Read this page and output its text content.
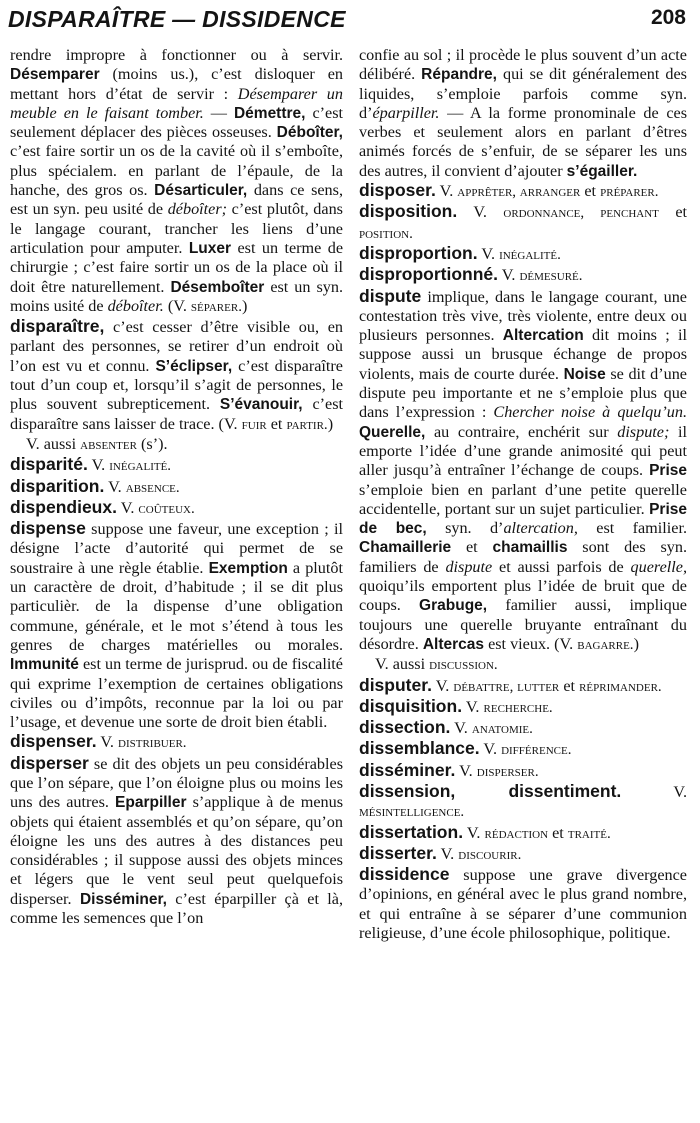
DISPARAÎTRE — DISSIDENCE	208

rendre impropre à fonctionner ou à servir. Désemparer (moins us.), c’est disloquer en mettant hors d’état de servir : Désemparer un meuble en le faisant tomber. — Démettre, c’est seulement déplacer des pièces osseuses. Déboîter, c’est faire sortir un os de la cavité où il s’emboîte, plus spécialem. en parlant de l’épaule, de la hanche, des gros os. Désarticuler, dans ce sens, est un syn. peu usité de déboîter; c’est plutôt, dans le langage courant, trancher les liens d’une articulation pour amputer. Luxer est un terme de chirurgie ; c’est faire sortir un os de la place où il doit être naturellement. Désemboîter est un syn. moins usité de déboîter. (V. séparer.)

disparaître, c’est cesser d’être visible ou, en parlant des personnes, se retirer d’un endroit où l’on est vu et connu. S’éclipser, c’est disparaître tout d’un coup et, lorsqu’il s’agit de personnes, le plus souvent subrepticement. S’évanouir, c’est disparaître sans laisser de trace. (V. fuir et partir.)

V. aussi absenter (s’).

disparité. V. inégalité.

disparition. V. absence.

dispendieux. V. coûteux.

dispense suppose une faveur, une exception ; il désigne l’acte d’autorité qui permet de se soustraire à une règle établie. Exemption a plutôt un caractère de droit, d’habitude ; il se dit plus particulièr. de la dispense d’une obligation commune, générale, et le mot s’étend à tous les genres de charges matérielles ou morales. Immunité est un terme de jurisprud. ou de fiscalité qui exprime l’exemption de certaines obligations civiles ou d’impôts, reconnue par la loi ou par l’usage, et devenue une sorte de droit bien établi.

dispenser. V. distribuer.

disperser se dit des objets un peu considérables que l’on sépare, que l’on éloigne plus ou moins les uns des autres. Eparpiller s’applique à de menus objets qui étaient assemblés et qu’on sépare, qu’on éloigne les uns des autres à des distances peu considérables ; il suppose aussi des objets minces et légers que le vent seul peut quelquefois disperser. Disséminer, c’est éparpiller çà et là, comme les semences que l’on

confie au sol ; il procède le plus souvent d’un acte délibéré. Répandre, qui se dit généralement des liquides, s’emploie parfois comme syn. d’éparpiller. — A la forme pronominale de ces verbes et seulement alors en parlant d’êtres animés forcés de s’enfuir, de se séparer les uns des autres, il convient d’ajouter s’égailler.

disposer. V. apprêter, arranger et préparer.

disposition. V. ordonnance, penchant et position.

disproportion. V. inégalité.

disproportionné. V. démesuré.

dispute implique, dans le langage courant, une contestation très vive, très violente, entre deux ou plusieurs personnes. Altercation dit moins ; il suppose aussi un brusque échange de propos violents, mais de courte durée. Noise se dit d’une dispute peu importante et ne s’emploie plus que dans l’expression : Chercher noise à quelqu’un. Querelle, au contraire, enchérit sur dispute; il emporte l’idée d’une grande animosité qui peut aller jusqu’à entraîner l’échange de coups. Prise s’emploie bien en parlant d’une petite querelle accidentelle, portant sur un sujet particulier. Prise de bec, syn. d’altercation, est familier. Chamaillerie et chamaillis sont des syn. familiers de dispute et aussi parfois de querelle, quoiqu’ils emportent plus l’idée de bruit que de coups. Grabuge, familier aussi, implique toujours une querelle bruyante entraînant du désordre. Altercas est vieux. (V. bagarre.)

V. aussi discussion.

disputer. V. débattre, lutter et réprimander.

disquisition. V. recherche.

dissection. V. anatomie.

dissemblance. V. différence.

disséminer. V. disperser.

dissension, dissentiment. V. mésintelligence.

dissertation. V. rédaction et traité.

disserter. V. discourir.

dissidence suppose une grave divergence d’opinions, en général avec le plus grand nombre, et qui entraîne à se séparer d’une communion religieuse, d’une école philosophique, politique.
